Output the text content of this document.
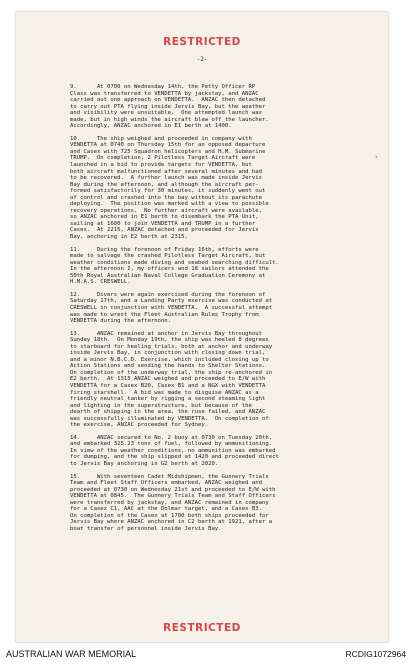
RESTRICTED
-2-
9.      At 0700 on Wednesday 14th, the Petty Officer RP
Class was transferred to VENDETTA by jackstay, and ANZAC
carried out one approach on VENDETTA.  ANZAC then detached
to carry out PTA flying inside Jervis Bay, but the weather
and visibility were unsuitable.  One attempted launch was
made, but in high winds the aircraft blew off the launcher.
Accordingly, ANZAC anchored in E1 berth at 1400.
10.     The ship weighed and proceeded in company with
VENDETTA at 0740 on Thursday 15th for an opposed departure
and Casex with 725 Squadron helicopters and H.M. Submarine
TRUMP.  On completion, 2 Pilotless Target Aircraft were
launched in a bid to provide targets for VENDETTA, but
both aircraft malfunctioned after several minutes and had
to be recovered.  A further launch was made inside Jervis
Bay during the afternoon, and although the aircraft per-
formed satisfactorily for 30 minutes, it suddenly went out
of control and crashed into the bay without its parachute
deploying.  The position was marked with a view to possible
recovery operations.  No further aircraft were available,
so ANZAC anchored in E1 berth to disembark the PTA Unit,
sailing at 1600 to join VENDETTA and TRUMP in a further
Casex.  At 2215, ANZAC detached and proceeded for Jervis
Bay, anchoring in E2 berth at 2315.
11.     During the forenoon of Friday 16th, efforts were
made to salvage the crashed Pilotless Target Aircraft, but
weather conditions made diving and seabed searching difficult.
In the afternoon I, my officers and 18 sailors attended the
50th Royal Australian Naval College Graduation Ceremony at
H.M.A.S. CRESWELL.
12.     Divers were again exercised during the forenoon of
Saturday 17th, and a Landing Party exercise was conducted at
CRESWELL in conjunction with VENDETTA.  A successful attempt
was made to wrest the Fleet Australian Rules Trophy from
VENDETTA during the afternoon.
13.     ANZAC remained at anchor in Jervis Bay throughout
Sunday 18th.  On Monday 19th, the ship was heeled 8 degrees
to starboard for heeling trials, both at anchor and underway
inside Jervis Bay, in conjunction with closing down trial,
and a minor N.B.C.D. Exercise, which included closing up to
Action Stations and sending the hands to Shelter Stations.
On completion of the underway trial, the ship re-anchored in
E2 berth.  At 1315 ANZAC weighed and proceeded to E/W with
VENDETTA for a Casex B20, Casex B1 and a NGX with VENDETTA
firing starshell.  A bid was made to disguise ANZAC as a
friendly neutral tanker by rigging a second steaming light
and lighting in the superstructure, but because of the
dearth of shipping in the area, the ruse failed, and ANZAC
was successfully illuminated by VENDETTA.  On completion of
the exercise, ANZAC proceeded for Sydney.
14.     ANZAC secured to No. 2 buoy at 0730 on Tuesday 20th,
and embarked 325.23 tons of fuel, followed by ammunitioning.
In view of the weather conditions, no ammunition was embarked
for dumping, and the ship slipped at 1420 and proceeded direct
to Jervis Bay anchoring in G2 berth at 2020.
15.     With seventeen Cadet Midshipmen, the Gunnery Trials
Team and Fleet Staff Officers embarked, ANZAC weighed and
proceeded at 0730 on Wednesday 21st and proceeded to E/W with
VENDETTA at 0845.  The Gunnery Trials Team and Staff Officers
were transferred by jackstay, and ANZAC remained in company
for a Casex C1, AAC at the Dolmar target, and a Casex B3.
On completion of the Casex at 1700 both ships proceeded for
Jervis Bay where ANZAC anchored in C2 berth at 1921, after a
boat transfer of personnel inside Jervis Bay.
RESTRICTED
›
AUSTRALIAN WAR MEMORIAL	RCDIG1072964
